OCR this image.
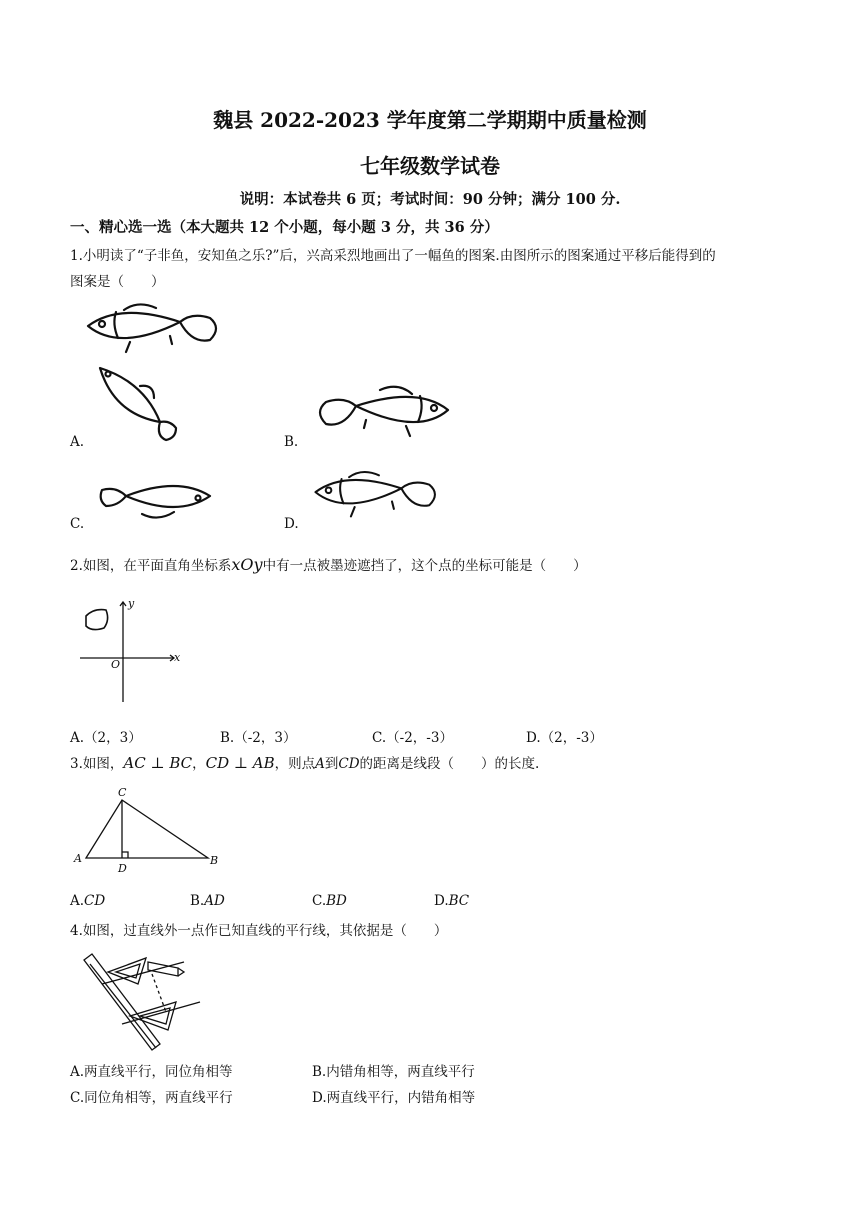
魏县 2022-2023 学年度第二学期期中质量检测
七年级数学试卷
说明：本试卷共 6 页；考试时间：90 分钟；满分 100 分.
一、精心选一选（本大题共 12 个小题，每小题 3 分，共 36 分）
1.小明读了“子非鱼，安知鱼之乐?”后，兴高采烈地画出了一幅鱼的图案.由图所示的图案通过平移后能得到的
图案是（　　）
A.	B.
C.	D.
2.如图，在平面直角坐标系xOy中有一点被墨迹遮挡了，这个点的坐标可能是（　　）
x
y
O
A.（2，3）	B.（-2，3）	C.（-2，-3）	D.（2，-3）
3.如图，AC ⊥ BC，CD ⊥ AB，则点A到CD的距离是线段（　　）的长度.
C
A
D
B
A.CD	B.AD	C.BD	D.BC
4.如图，过直线外一点作已知直线的平行线，其依据是（　　）
A.两直线平行，同位角相等	B.内错角相等，两直线平行
C.同位角相等，两直线平行	D.两直线平行，内错角相等
